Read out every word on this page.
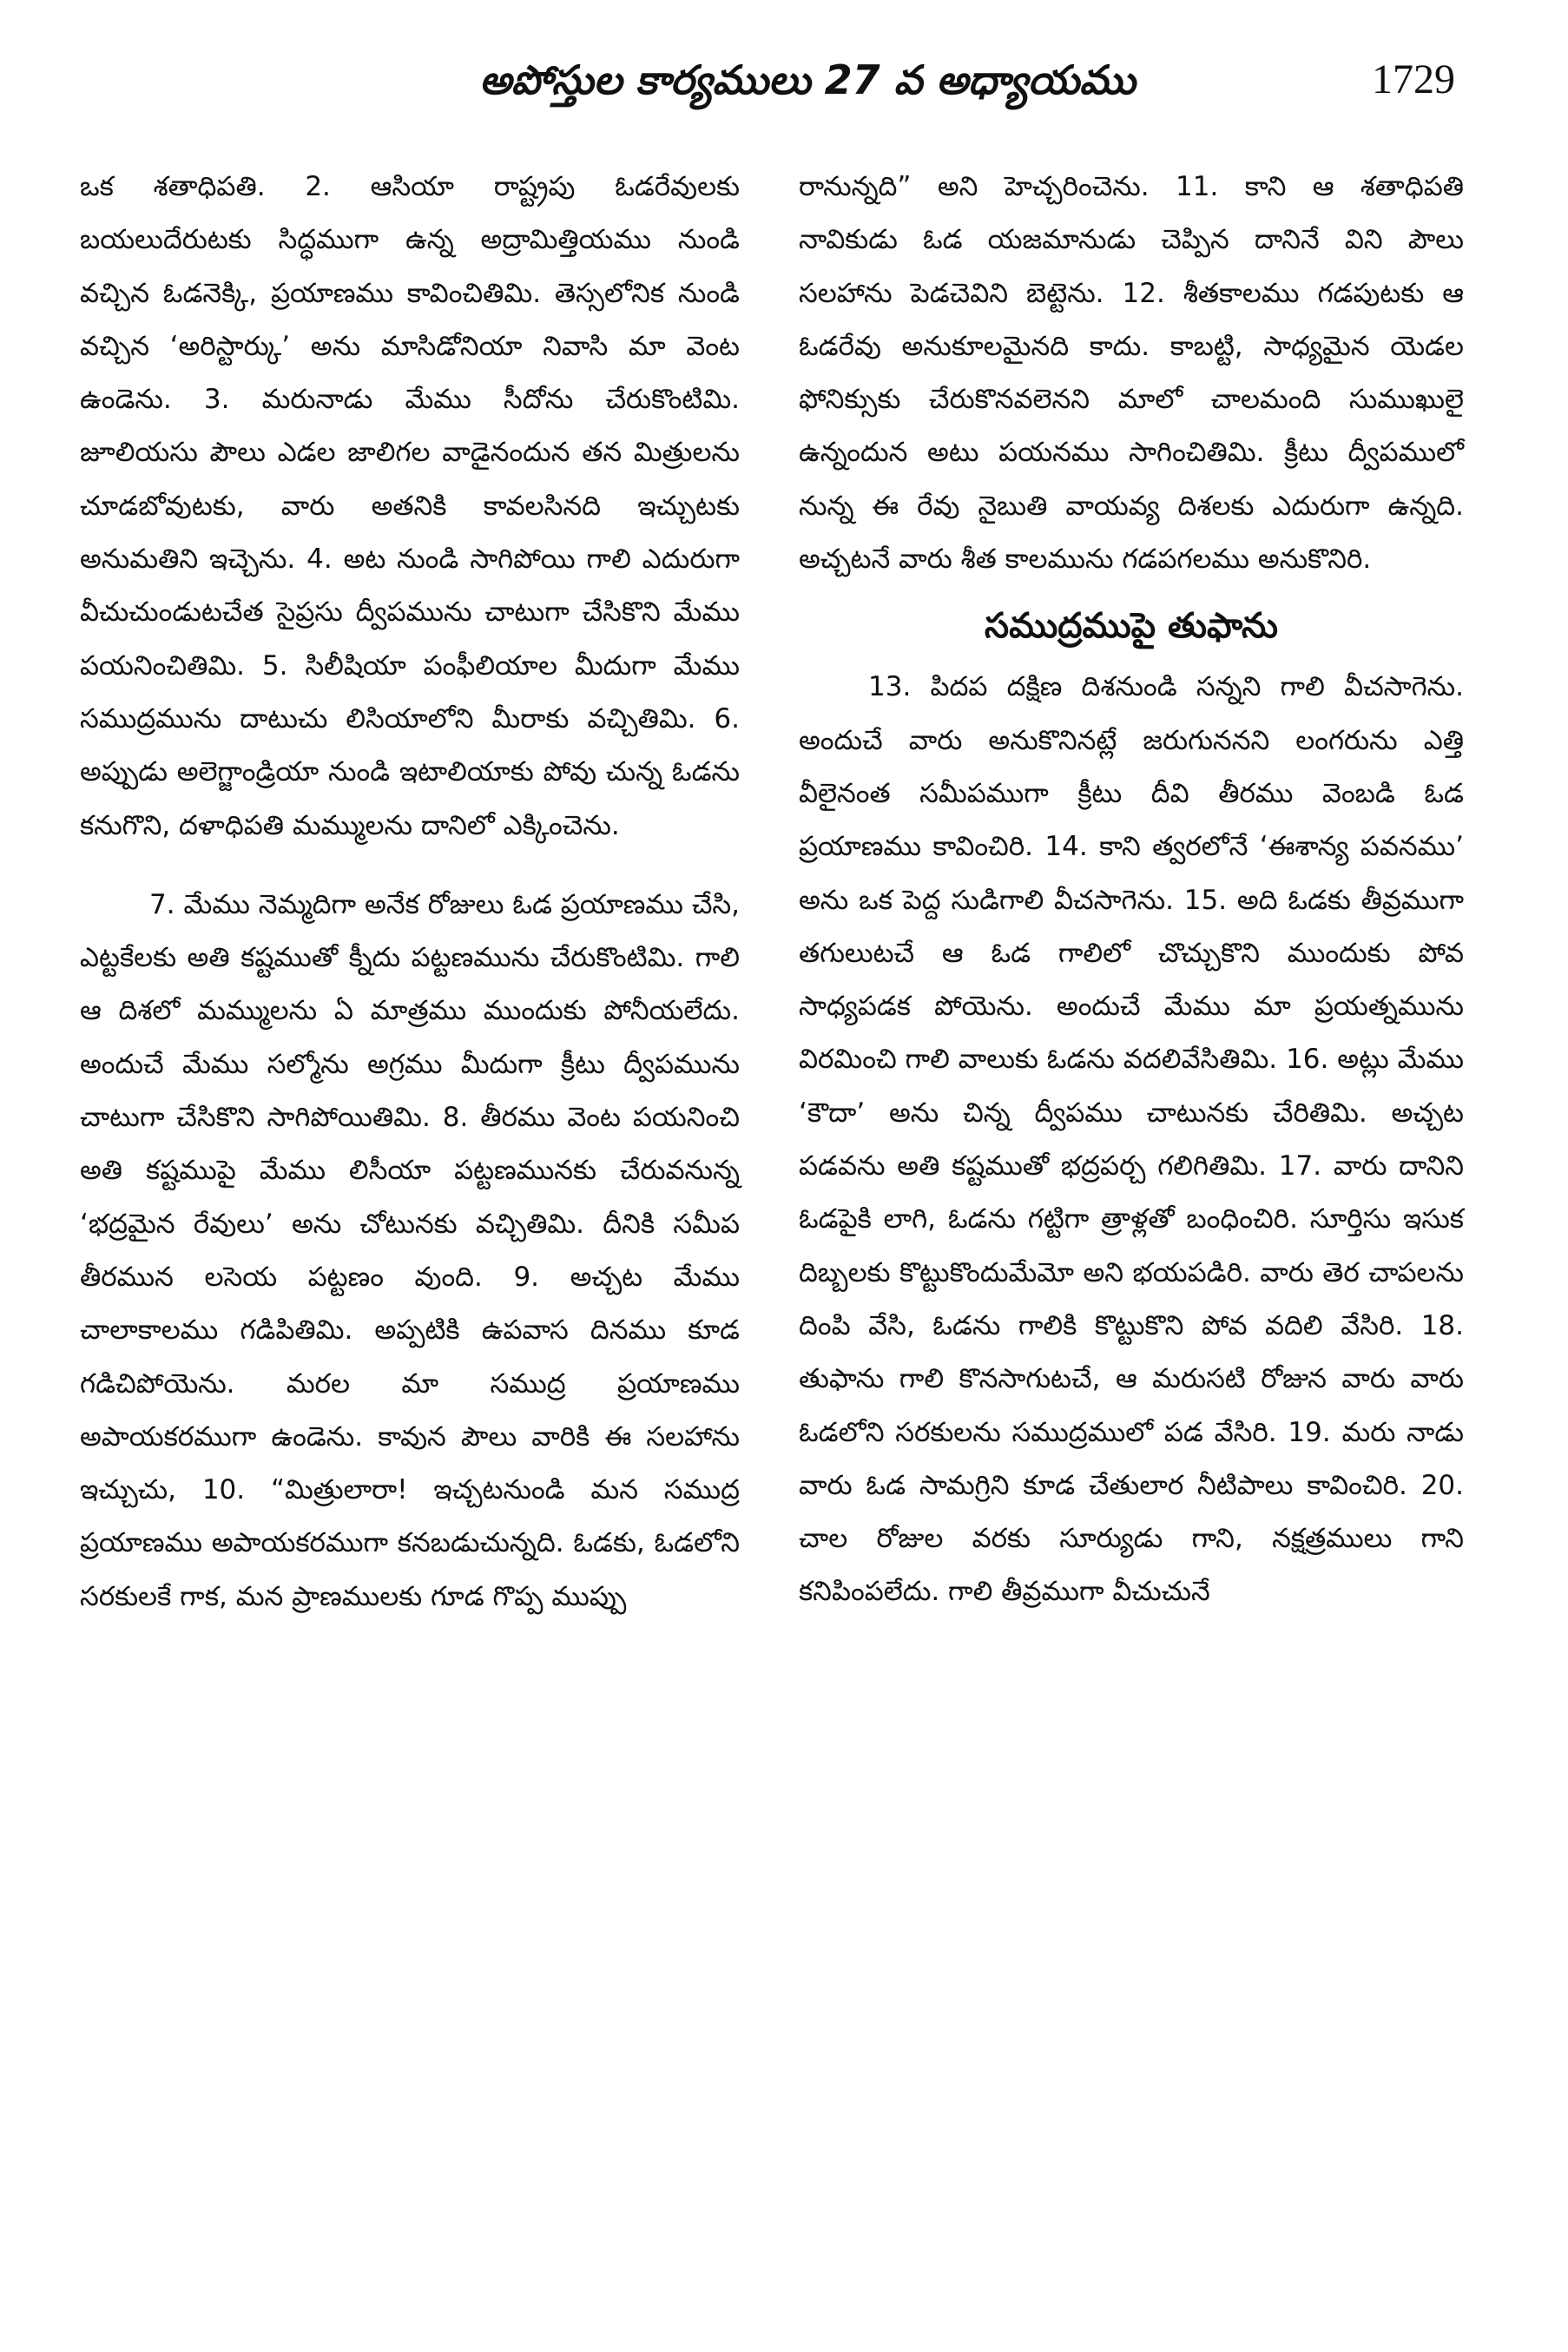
అపోస్తుల కార్యములు 27 వ అధ్యాయము	1729

ఒక శతాధిపతి. 2. ఆసియా రాష్ట్రపు ఓడరేవులకు బయలుదేరుటకు సిద్ధముగా ఉన్న అద్రామిత్తియము నుండి వచ్చిన ఓడనెక్కి, ప్రయాణము కావించితిమి. తెస్సలోనిక నుండి వచ్చిన ‘అరిస్టార్కు’ అను మాసిడోనియా నివాసి మా వెంట ఉండెను. 3. మరునాడు మేము సీదోను చేరుకొంటిమి. జూలియసు పౌలు ఎడల జాలిగల వాడైనందున తన మిత్రులను చూడబోవుటకు, వారు అతనికి కావలసినది ఇచ్చుటకు అనుమతిని ఇచ్చెను. 4. అట నుండి సాగిపోయి గాలి ఎదురుగా వీచుచుండుటచేత సైప్రసు ద్వీపమును చాటుగా చేసికొని మేము పయనించితిమి. 5. సిలీషియా పంఫీలియాల మీదుగా మేము సముద్రమును దాటుచు లిసియాలోని మీరాకు వచ్చితిమి. 6. అప్పుడు అలెగ్జాండ్రియా నుండి ఇటాలియాకు పోవు చున్న ఓడను కనుగొని, దళాధిపతి మమ్ములను దానిలో ఎక్కించెను.

7. మేము నెమ్మదిగా అనేక రోజులు ఓడ ప్రయాణము చేసి, ఎట్టకేలకు అతి కష్టముతో క్నీదు పట్టణమును చేరుకొంటిమి. గాలి ఆ దిశలో మమ్ములను ఏ మాత్రము ముందుకు పోనీయలేదు. అందుచే మేము సల్మోను అగ్రము మీదుగా క్రీటు ద్వీపమును చాటుగా చేసికొని సాగిపోయితిమి. 8. తీరము వెంట పయనించి అతి కష్టముపై మేము లిసీయా పట్టణమునకు చేరువనున్న ‘భద్రమైన రేవులు’ అను చోటునకు వచ్చితిమి. దీనికి సమీప తీరమున లసెయ పట్టణం వుంది. 9. అచ్చట మేము చాలాకాలము గడిపితిమి. అప్పటికి ఉపవాస దినము కూడ గడిచిపోయెను. మరల మా సముద్ర ప్రయాణము అపాయకరముగా ఉండెను. కావున పౌలు వారికి ఈ సలహాను ఇచ్చుచు, 10. “మిత్రులారా! ఇచ్చటనుండి మన సముద్ర ప్రయాణము అపాయకరముగా కనబడుచున్నది. ఓడకు, ఓడలోని సరకులకే గాక, మన ప్రాణములకు గూడ గొప్ప ముప్పు

రానున్నది” అని హెచ్చరించెను. 11. కాని ఆ శతాధిపతి నావికుడు ఓడ యజమానుడు చెప్పిన దానినే విని పౌలు సలహాను పెడచెవిని బెట్టెను. 12. శీతకాలము గడపుటకు ఆ ఓడరేవు అనుకూలమైనది కాదు. కాబట్టి, సాధ్యమైన యెడల ఫోనిక్సుకు చేరుకొనవలెనని మాలో చాలమంది సుముఖులై ఉన్నందున అటు పయనము సాగించితిమి. క్రీటు ద్వీపములో నున్న ఈ రేవు నైబుతి వాయవ్య దిశలకు ఎదురుగా ఉన్నది. అచ్చటనే వారు శీత కాలమును గడపగలము అనుకొనిరి.

సముద్రముపై తుఫాను

13. పిదప దక్షిణ దిశనుండి సన్నని గాలి వీచసాగెను. అందుచే వారు అనుకొనినట్లే జరుగుననని లంగరును ఎత్తి వీలైనంత సమీపముగా క్రీటు దీవి తీరము వెంబడి ఓడ ప్రయాణము కావించిరి. 14. కాని త్వరలోనే ‘ఈశాన్య పవనము’ అను ఒక పెద్ద సుడిగాలి వీచసాగెను. 15. అది ఓడకు తీవ్రముగా తగులుటచే ఆ ఓడ గాలిలో చొచ్చుకొని ముందుకు పోవ సాధ్యపడక పోయెను. అందుచే మేము మా ప్రయత్నమును విరమించి గాలి వాలుకు ఓడను వదలివేసితిమి. 16. అట్లు మేము ‘కౌదా’ అను చిన్న ద్వీపము చాటునకు చేరితిమి. అచ్చట పడవను అతి కష్టముతో భద్రపర్చ గలిగితిమి. 17. వారు దానిని ఓడపైకి లాగి, ఓడను గట్టిగా త్రాళ్లతో బంధించిరి. సూర్తిసు ఇసుక దిబ్బలకు కొట్టుకొందుమేమో అని భయపడిరి. వారు తెర చాపలను దింపి వేసి, ఓడను గాలికి కొట్టుకొని పోవ వదిలి వేసిరి. 18. తుఫాను గాలి కొనసాగుటచే, ఆ మరుసటి రోజున వారు వారు ఓడలోని సరకులను సముద్రములో పడ వేసిరి. 19. మరు నాడు వారు ఓడ సామగ్రిని కూడ చేతులార నీటిపాలు కావించిరి. 20. చాల రోజుల వరకు సూర్యుడు గాని, నక్షత్రములు గాని కనిపింపలేదు. గాలి తీవ్రముగా వీచుచునే
